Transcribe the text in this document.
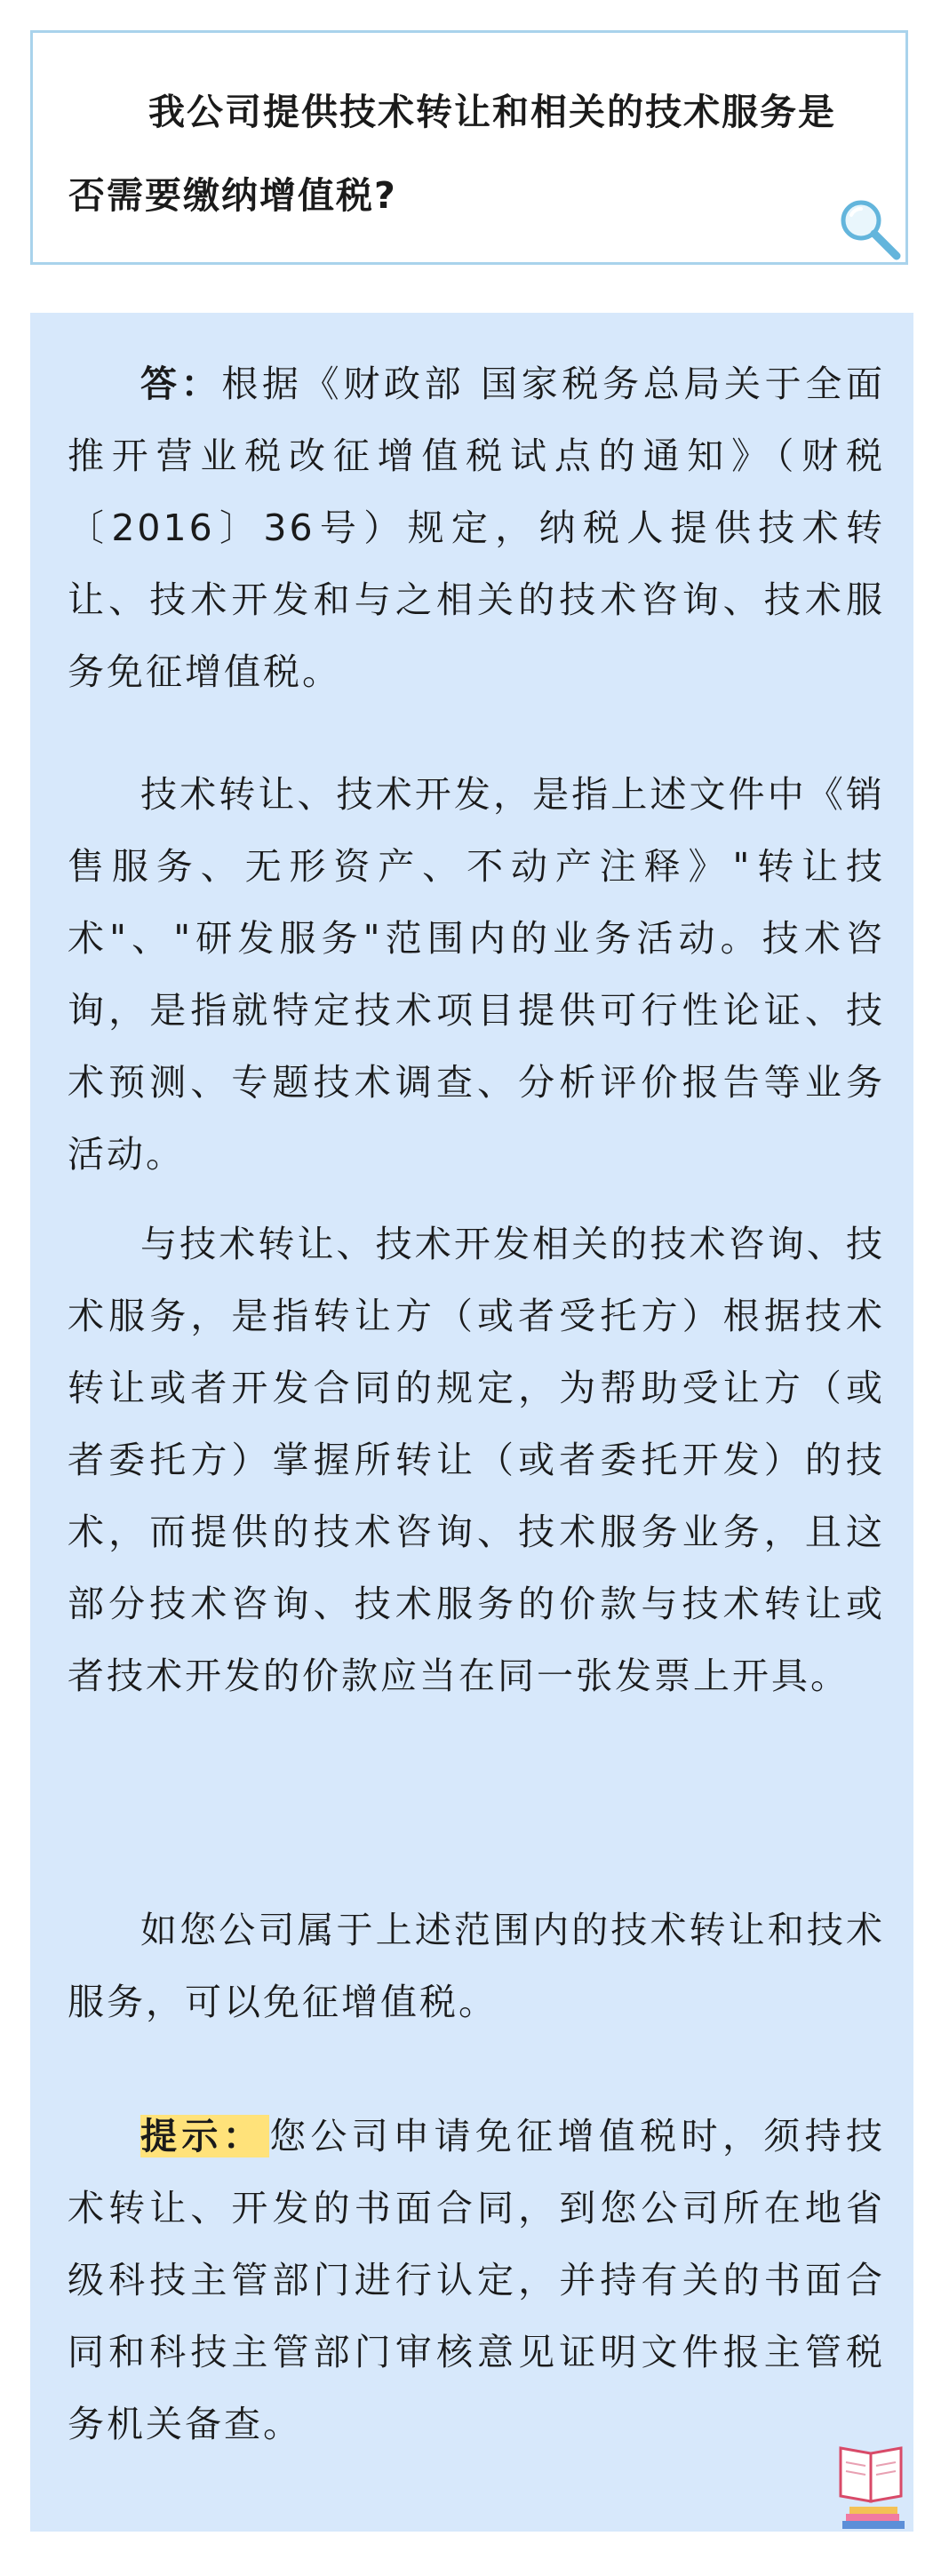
我公司提供技术转让和相关的技术服务是否需要缴纳增值税?

答：根据《财政部 国家税务总局关于全面推开营业税改征增值税试点的通知》（财税〔2016〕36号）规定，纳税人提供技术转让、技术开发和与之相关的技术咨询、技术服务免征增值税。

技术转让、技术开发，是指上述文件中《销售服务、无形资产、不动产注释》"转让技术"、"研发服务"范围内的业务活动。技术咨询，是指就特定技术项目提供可行性论证、技术预测、专题技术调查、分析评价报告等业务活动。

与技术转让、技术开发相关的技术咨询、技术服务，是指转让方（或者受托方）根据技术转让或者开发合同的规定，为帮助受让方（或者委托方）掌握所转让（或者委托开发）的技术，而提供的技术咨询、技术服务业务，且这部分技术咨询、技术服务的价款与技术转让或者技术开发的价款应当在同一张发票上开具。

如您公司属于上述范围内的技术转让和技术服务，可以免征增值税。

提示： 您公司申请免征增值税时，须持技术转让、开发的书面合同，到您公司所在地省级科技主管部门进行认定，并持有关的书面合同和科技主管部门审核意见证明文件报主管税务机关备查。
